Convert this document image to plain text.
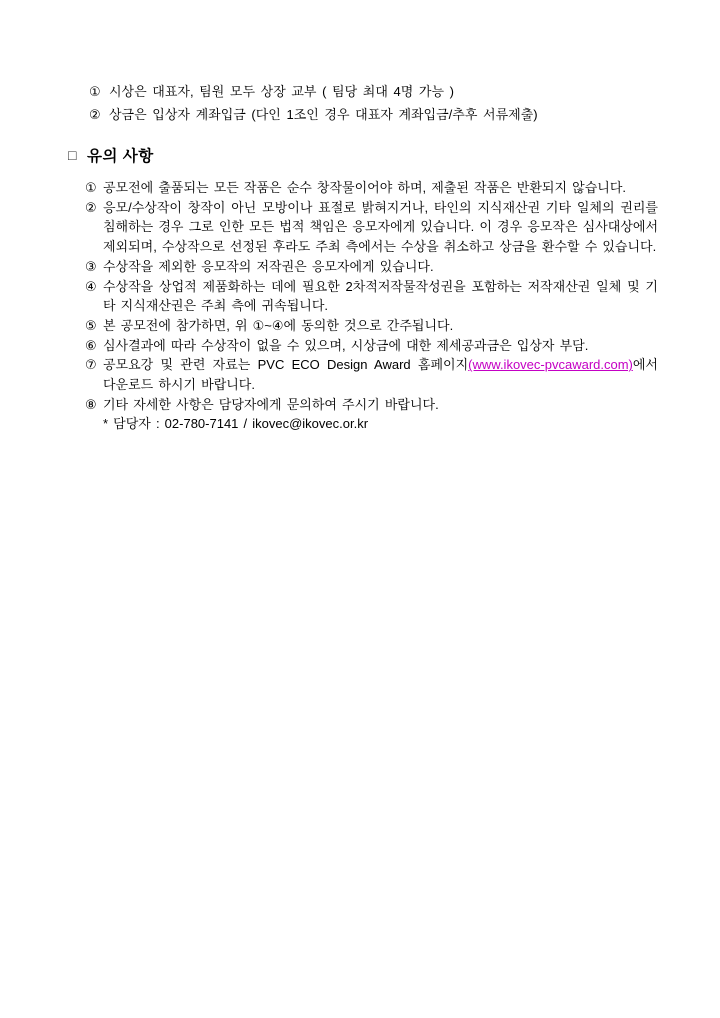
① 시상은 대표자, 팀원 모두 상장 교부 ( 팀당 최대 4명 가능 )
② 상금은 입상자 계좌입금 (다인 1조인 경우 대표자 계좌입금/추후 서류제출)
□ 유의 사항
① 공모전에 출품되는 모든 작품은 순수 창작물이어야 하며, 제출된 작품은 반환되지 않습니다.
② 응모/수상작이 창작이 아닌 모방이나 표절로 밝혀지거나, 타인의 지식재산권 기타 일체의 권리를 침해하는 경우 그로 인한 모든 법적 책임은 응모자에게 있습니다. 이 경우 응모작은 심사대상에서 제외되며, 수상작으로 선정된 후라도 주최 측에서는 수상을 취소하고 상금을 환수할 수 있습니다.
③ 수상작을 제외한 응모작의 저작권은 응모자에게 있습니다.
④ 수상작을 상업적 제품화하는 데에 필요한 2차적저작물작성권을 포함하는 저작재산권 일체 및 기타 지식재산권은 주최 측에 귀속됩니다.
⑤ 본 공모전에 참가하면, 위 ①~④에 동의한 것으로 간주됩니다.
⑥ 심사결과에 따라 수상작이 없을 수 있으며, 시상금에 대한 제세공과금은 입상자 부담.
⑦ 공모요강 및 관련 자료는 PVC ECO Design Award 홈페이지(www.ikovec-pvcaward.com)에서 다운로드 하시기 바랍니다.
⑧ 기타 자세한 사항은 담당자에게 문의하여 주시기 바랍니다.
* 담당자 : 02-780-7141 / ikovec@ikovec.or.kr
